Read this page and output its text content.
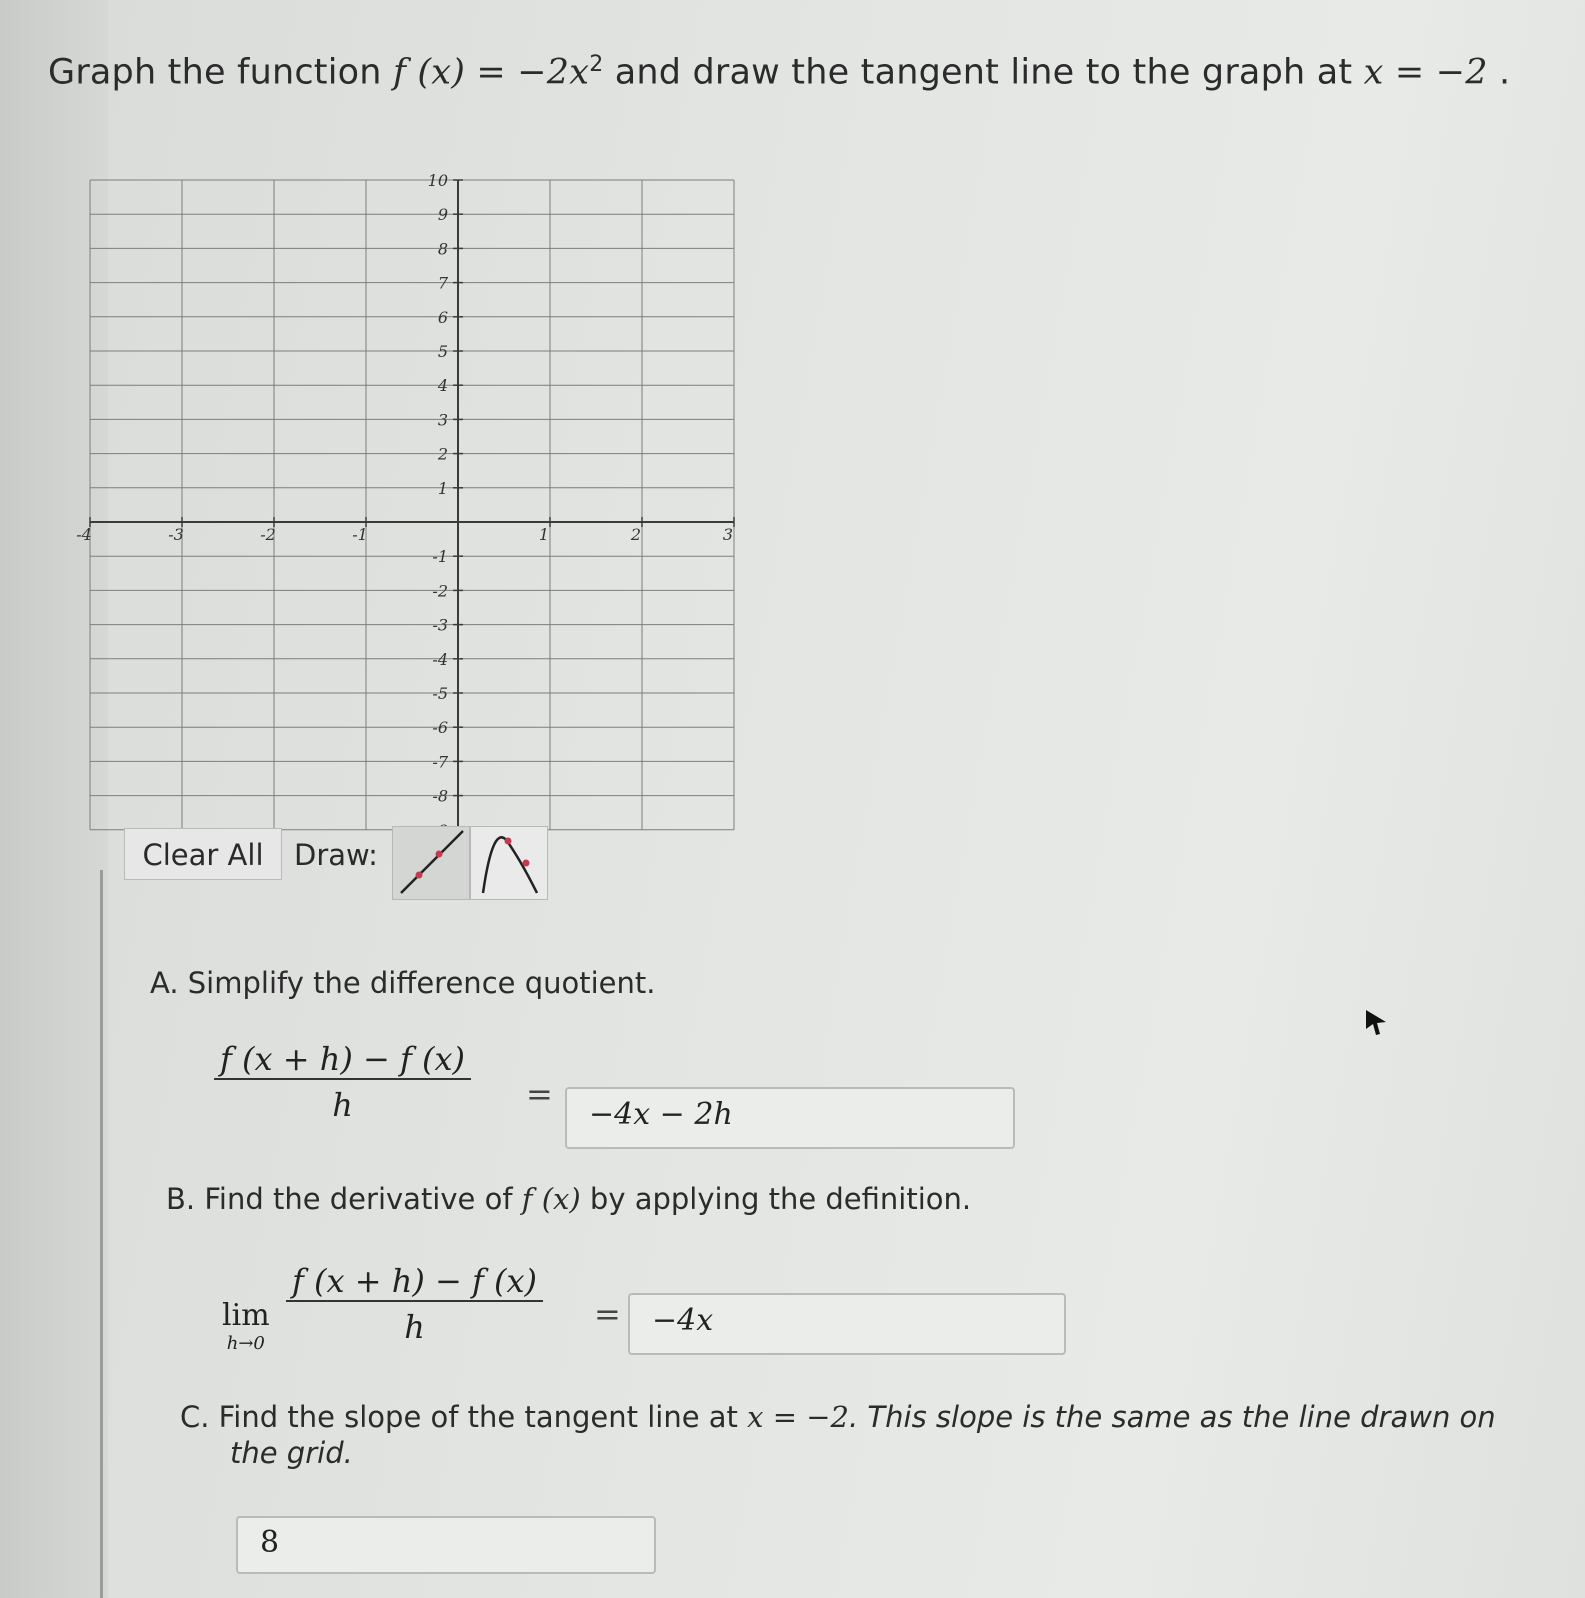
Graph the function f $(x) = -2x^2$ and draw the tangent line to the graph at x = −2 .
-4	-3	-2	-1	1	2	3
1
2
3
4
5
6
7
8
9
10
-1
-2
-3
-4
-5
-6
-7
-8
Clear All	Draw:
A. Simplify the difference quotient.
$\frac{f (x + h) - f (x)}{h}$ =
−4x − 2h
B. Find the derivative of f (x) by applying the definition.
lim
$h\to 0 \frac{f (x + h) - f (x)}{h}$ =	−4x
C. Find the slope of the tangent line at x = −2. This slope is the same as the line drawn on
the grid.
8
